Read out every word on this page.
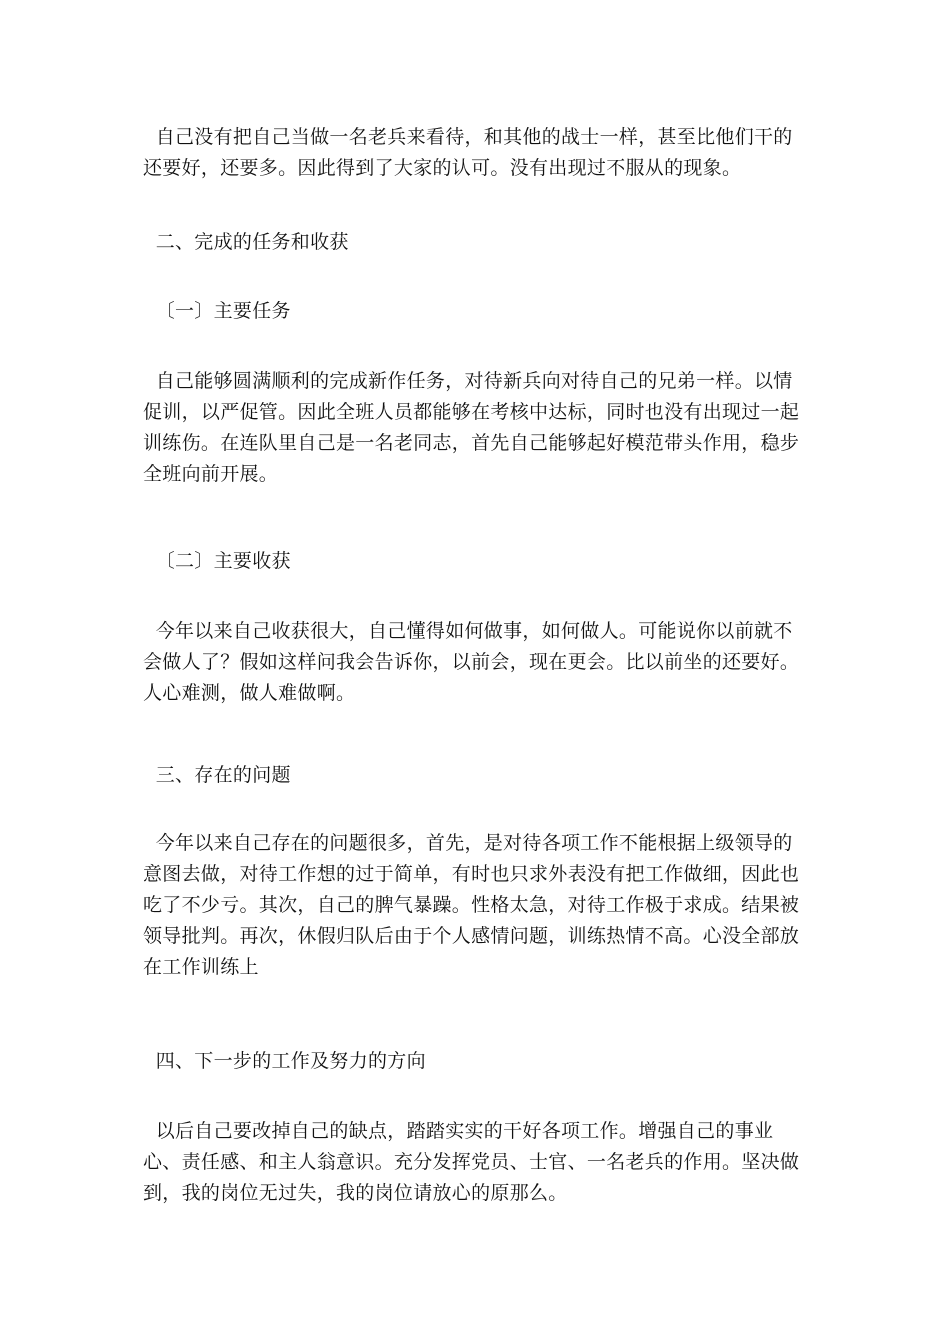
自己没有把自己当做一名老兵来看待，和其他的战士一样，甚至比他们干的还要好，还要多。因此得到了大家的认可。没有出现过不服从的现象。
二、完成的任务和收获
〔一〕主要任务
自己能够圆满顺利的完成新作任务，对待新兵向对待自己的兄弟一样。以情促训，以严促管。因此全班人员都能够在考核中达标，同时也没有出现过一起训练伤。在连队里自己是一名老同志，首先自己能够起好模范带头作用，稳步全班向前开展。
〔二〕主要收获
今年以来自己收获很大，自己懂得如何做事，如何做人。可能说你以前就不会做人了？假如这样问我会告诉你，以前会，现在更会。比以前坐的还要好。人心难测，做人难做啊。
三、存在的问题
今年以来自己存在的问题很多，首先，是对待各项工作不能根据上级领导的意图去做，对待工作想的过于简单，有时也只求外表没有把工作做细，因此也吃了不少亏。其次，自己的脾气暴躁。性格太急，对待工作极于求成。结果被领导批判。再次，休假归队后由于个人感情问题，训练热情不高。心没全部放在工作训练上
四、下一步的工作及努力的方向
以后自己要改掉自己的缺点，踏踏实实的干好各项工作。增强自己的事业心、责任感、和主人翁意识。充分发挥党员、士官、一名老兵的作用。坚决做到，我的岗位无过失，我的岗位请放心的原那么。
